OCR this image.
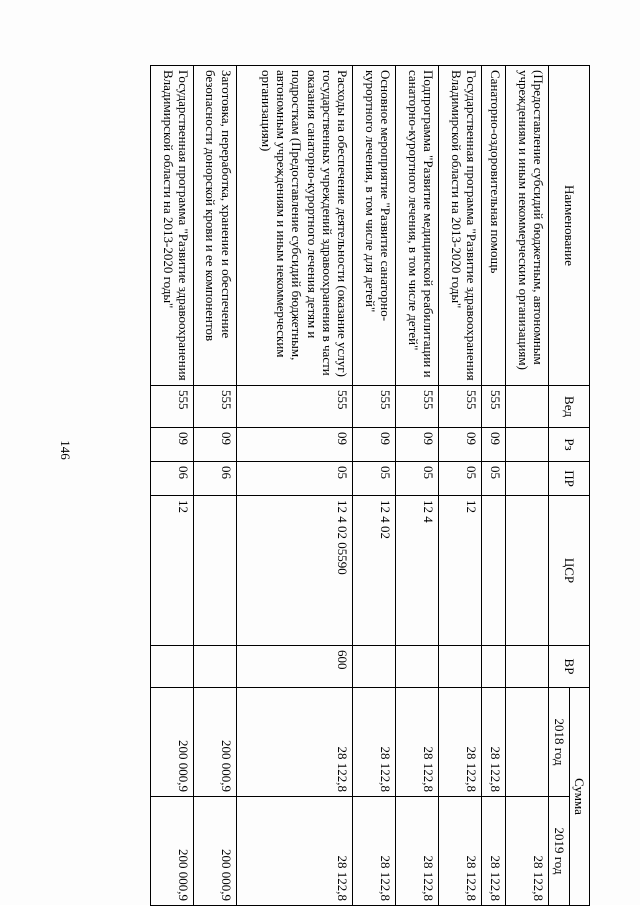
146
Наименование	Вед	Рз	ПР	ЦСР	ВР	Сумма	
						2018 год	2019 год
(Предоставление субсидий бюджетным, автономным учреждениям и иным некоммерческим организациям)							28 122,8
Санаторно-оздоровительная помощь	555	09	05			28 122,8	28 122,8
Государственная программа "Развитие здравоохранения Владимирской области на 2013-2020 годы"	555	09	05	12		28 122,8	28 122,8
Подпрограмма "Развитие медицинской реабилитации и санаторно-курортного лечения, в том числе детей"	555	09	05	12 4		28 122,8	28 122,8
Основное мероприятие "Развитие санаторно-курортного лечения, в том числе для детей"	555	09	05	12 4 02		28 122,8	28 122,8
Расходы на обеспечение деятельности (оказание услуг) государственных учреждений здравоохранения в части оказания санаторно-курортного лечения детям и подросткам (Предоставление субсидий бюджетным, автономным учреждениям и иным некоммерческим организациям)	555	09	05	12 4 02 05590	600	28 122,8	28 122,8
Заготовка, переработка, хранение и обеспечение безопасности донорской крови и ее компонентов	555	09	06			200 000,9	200 000,9
Государственная программа "Развитие здравоохранения Владимирской области на 2013-2020 годы"	555	09	06	12		200 000,9	200 000,9
